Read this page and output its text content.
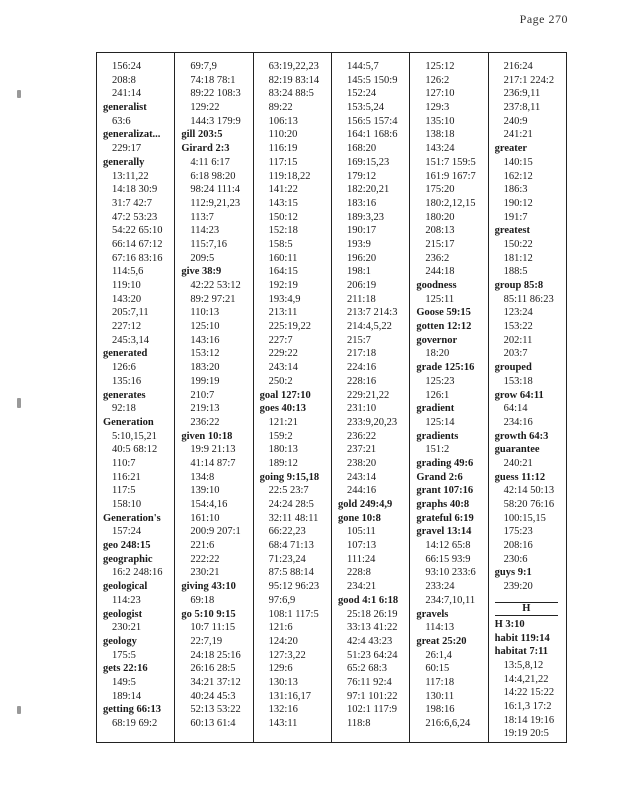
Page 270
156:24
208:8
241:14
generalist
63:6
generalizat...
229:17
generally
13:11,22
14:18 30:9
31:7 42:7
47:2 53:23
54:22 65:10
66:14 67:12
67:16 83:16
114:5,6
119:10
143:20
205:7,11
227:12
245:3,14
generated
126:6
135:16
generates
92:18
Generation
5:10,15,21
40:5 68:12
110:7
116:21
117:5
158:10
Generation's
157:24
geo 248:15
geographic
16:2 248:16
geological
114:23
geologist
230:21
geology
175:5
gets 22:16
149:5
189:14
getting 66:13
68:19 69:2
69:7,9
74:18 78:1
89:22 108:3
129:22
144:3 179:9
gill 203:5
Girard 2:3
4:11 6:17
6:18 98:20
98:24 111:4
112:9,21,23
113:7
114:23
115:7,16
209:5
give 38:9
42:22 53:12
89:2 97:21
110:13
125:10
143:16
153:12
183:20
199:19
210:7
219:13
236:22
given 10:18
19:9 21:13
41:14 87:7
134:8
139:10
154:4,16
161:10
200:9 207:1
221:6
222:22
230:21
giving 43:10
69:18
go 5:10 9:15
10:7 11:15
22:7,19
24:18 25:16
26:16 28:5
34:21 37:12
40:24 45:3
52:13 53:22
60:13 61:4
63:19,22,23
82:19 83:14
83:24 88:5
89:22
106:13
110:20
116:19
117:15
119:18,22
141:22
143:15
150:12
152:18
158:5
160:11
164:15
192:19
193:4,9
213:11
225:19,22
227:7
229:22
243:14
250:2
goal 127:10
goes 40:13
121:21
159:2
180:13
189:12
going 9:15,18
22:5 23:7
24:24 28:5
32:11 48:11
66:22,23
68:4 71:13
71:23,24
87:5 88:14
95:12 96:23
97:6,9
108:1 117:5
121:6
124:20
127:3,22
129:6
130:13
131:16,17
132:16
143:11
144:5,7
145:5 150:9
152:24
153:5,24
156:5 157:4
164:1 168:6
168:20
169:15,23
179:12
182:20,21
183:16
189:3,23
190:17
193:9
196:20
198:1
206:19
211:18
213:7 214:3
214:4,5,22
215:7
217:18
224:16
228:16
229:21,22
231:10
233:9,20,23
236:22
237:21
238:20
243:14
244:16
gold 249:4,9
gone 10:8
105:11
107:13
111:24
228:8
234:21
good 4:1 6:18
25:18 26:19
33:13 41:22
42:4 43:23
51:23 64:24
65:2 68:3
76:11 92:4
97:1 101:22
102:1 117:9
118:8
125:12
126:2
127:10
129:3
135:10
138:18
143:24
151:7 159:5
161:9 167:7
175:20
180:2,12,15
180:20
208:13
215:17
236:2
244:18
goodness
125:11
Goose 59:15
gotten 12:12
governor
18:20
grade 125:16
125:23
126:1
gradient
125:14
gradients
151:2
grading 49:6
Grand 2:6
grant 107:16
graphs 40:8
grateful 6:19
gravel 13:14
14:12 65:8
66:15 93:9
93:10 233:6
233:24
234:7,10,11
gravels
114:13
great 25:20
26:1,4
60:15
117:18
130:11
198:16
216:6,6,24
216:24
217:1 224:2
236:9,11
237:8,11
240:9
241:21
greater
140:15
162:12
186:3
190:12
191:7
greatest
150:22
181:12
188:5
group 85:8
85:11 86:23
123:24
153:22
202:11
203:7
grouped
153:18
grow 64:11
64:14
234:16
growth 64:3
guarantee
240:21
guess 11:12
42:14 50:13
58:20 76:16
100:15,15
175:23
208:16
230:6
guys 9:1
239:20
H
H 3:10
habit 119:14
habitat 7:11
13:5,8,12
14:4,21,22
14:22 15:22
16:1,3 17:2
18:14 19:16
19:19 20:5
